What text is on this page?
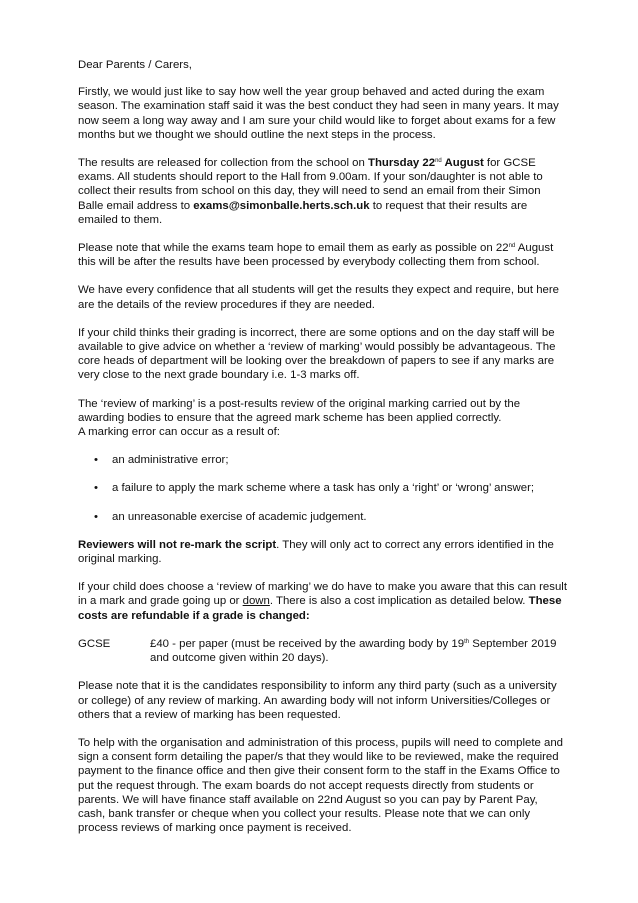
Dear Parents / Carers,

Firstly, we would just like to say how well the year group behaved and acted during the exam season. The examination staff said it was the best conduct they had seen in many years. It may now seem a long way away and I am sure your child would like to forget about exams for a few months but we thought we should outline the next steps in the process.

The results are released for collection from the school on Thursday 22nd August for GCSE exams. All students should report to the Hall from 9.00am. If your son/daughter is not able to collect their results from school on this day, they will need to send an email from their Simon Balle email address to exams@simonballe.herts.sch.uk to request that their results are emailed to them.

Please note that while the exams team hope to email them as early as possible on 22nd August this will be after the results have been processed by everybody collecting them from school.

We have every confidence that all students will get the results they expect and require, but here are the details of the review procedures if they are needed.

If your child thinks their grading is incorrect, there are some options and on the day staff will be available to give advice on whether a ‘review of marking’ would possibly be advantageous. The core heads of department will be looking over the breakdown of papers to see if any marks are very close to the next grade boundary i.e. 1-3 marks off.

The ‘review of marking’ is a post-results review of the original marking carried out by the awarding bodies to ensure that the agreed mark scheme has been applied correctly.
A marking error can occur as a result of:

• an administrative error;
• a failure to apply the mark scheme where a task has only a ‘right’ or ‘wrong’ answer;
• an unreasonable exercise of academic judgement.

Reviewers will not re-mark the script. They will only act to correct any errors identified in the original marking.

If your child does choose a ‘review of marking’ we do have to make you aware that this can result in a mark and grade going up or down. There is also a cost implication as detailed below. These costs are refundable if a grade is changed:

GCSE	£40 - per paper (must be received by the awarding body by 19th September 2019 and outcome given within 20 days).

Please note that it is the candidates responsibility to inform any third party (such as a university or college) of any review of marking. An awarding body will not inform Universities/Colleges or others that a review of marking has been requested.

To help with the organisation and administration of this process, pupils will need to complete and sign a consent form detailing the paper/s that they would like to be reviewed, make the required payment to the finance office and then give their consent form to the staff in the Exams Office to put the request through. The exam boards do not accept requests directly from students or parents. We will have finance staff available on 22nd August so you can pay by Parent Pay, cash, bank transfer or cheque when you collect your results. Please note that we can only process reviews of marking once payment is received.
